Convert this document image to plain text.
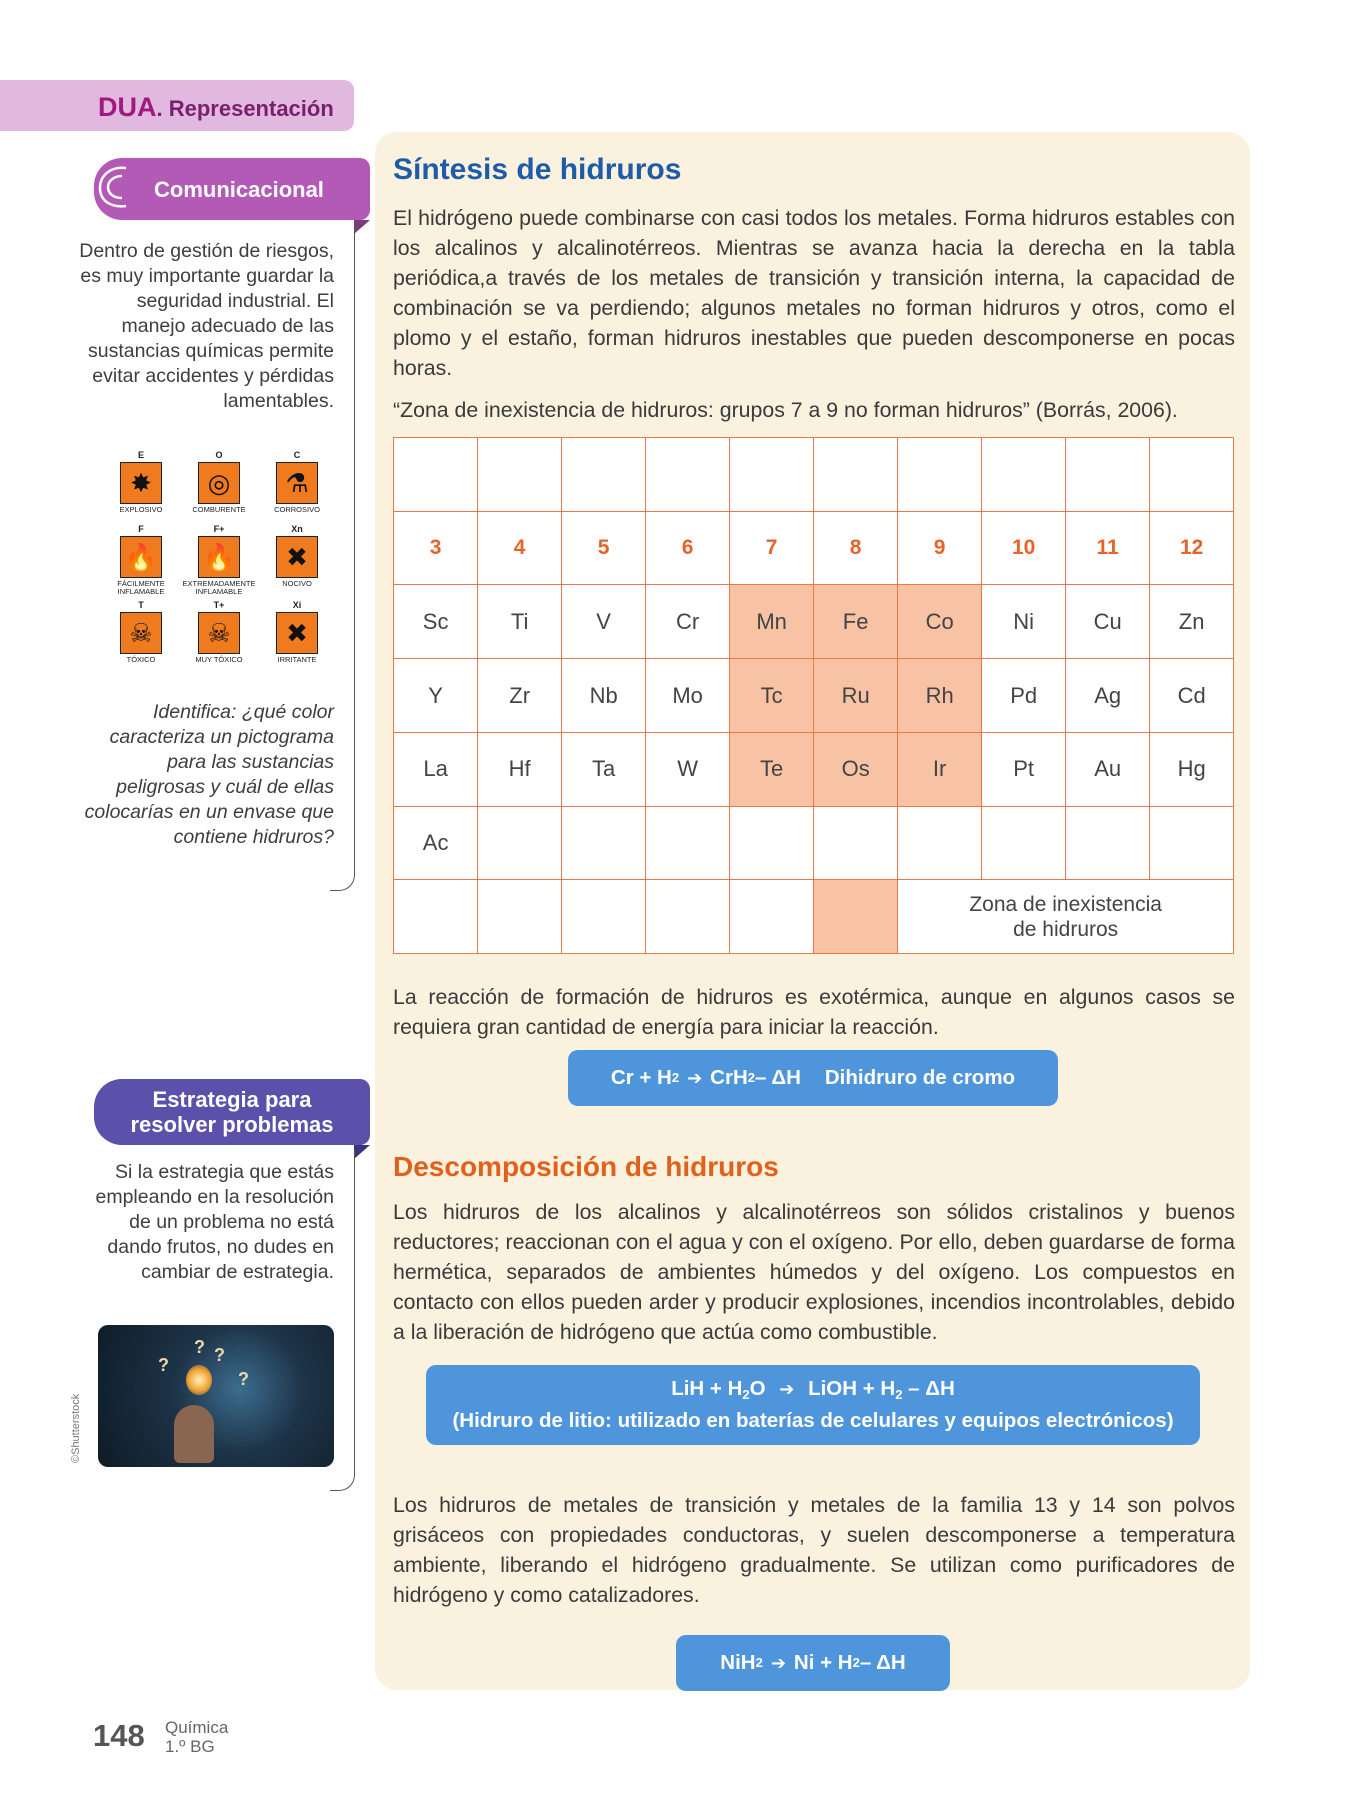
DUA. Representación
Comunicacional
Dentro de gestión de riesgos, es muy importante guardar la seguridad industrial. El manejo adecuado de las sustancias químicas permite evitar accidentes y pérdidas lamentables.
E
✸
EXPLOSIVO
O
◎
COMBURENTE
C
⚗
CORROSIVO
F
🔥
FÁCILMENTE INFLAMABLE
F+
🔥
EXTREMADAMENTE INFLAMABLE
Xn
✖
NOCIVO
T
☠
TÓXICO
T+
☠
MUY TÓXICO
Xi
✖
IRRITANTE
Identifica: ¿qué color caracteriza un pictograma para las sustancias peligrosas y cuál de ellas colocarías en un envase que contiene hidruros?
Estrategia para
resolver problemas
Si la estrategia que estás empleando en la resolución de un problema no está dando frutos, no dudes en cambiar de estrategia.
?	?
?
?
©Shutterstock
Síntesis de hidruros
El hidrógeno puede combinarse con casi todos los metales. Forma hidruros estables con los alcalinos y alcalinotérreos. Mientras se avanza hacia la derecha en la tabla periódica,a través de los metales de transición y transición interna, la capacidad de combinación se va perdiendo; algunos metales no forman hidruros y otros, como el plomo y el estaño, forman hidruros inestables que pueden descomponerse en pocas horas.
“Zona de inexistencia de hidruros: grupos 7 a 9 no forman hidruros” (Borrás, 2006).
3	4	5	6	7	8	9	10	11	12
Sc	Ti	V	Cr	Mn	Fe	Co	Ni	Cu	Zn
Y	Zr	Nb	Mo	Tc	Ru	Rh	Pd	Ag	Cd
La	Hf	Ta	W	Te	Os	Ir	Pt	Au	Hg
Ac
Zona de inexistencia
de hidruros
La reacción de formación de hidruros es exotérmica, aunque en algunos casos se requiera gran cantidad de energía para iniciar la reacción.
Cr + H 2 ➔ CrH 2 – ΔH Dihidruro de cromo
Descomposición de hidruros
Los hidruros de los alcalinos y alcalinotérreos son sólidos cristalinos y buenos reductores; reaccionan con el agua y con el oxígeno. Por ello, deben guardarse de forma hermética, separados de ambientes húmedos y del oxígeno. Los compuestos en contacto con ellos pueden arder y producir explosiones, incendios incontrolables, debido a la liberación de hidrógeno que actúa como combustible.
LiH + $H_2O$ ➔ LiOH + $H_2$ – ΔH
(Hidruro de litio: utilizado en baterías de celulares y equipos electrónicos)
Los hidruros de metales de transición y metales de la familia 13 y 14 son polvos grisáceos con propiedades conductoras, y suelen descomponerse a temperatura ambiente, liberando el hidrógeno gradualmente. Se utilizan como purificadores de hidrógeno y como catalizadores.
NiH 2 ➔ Ni + H 2 – ΔH
148 Química
1.º BG
